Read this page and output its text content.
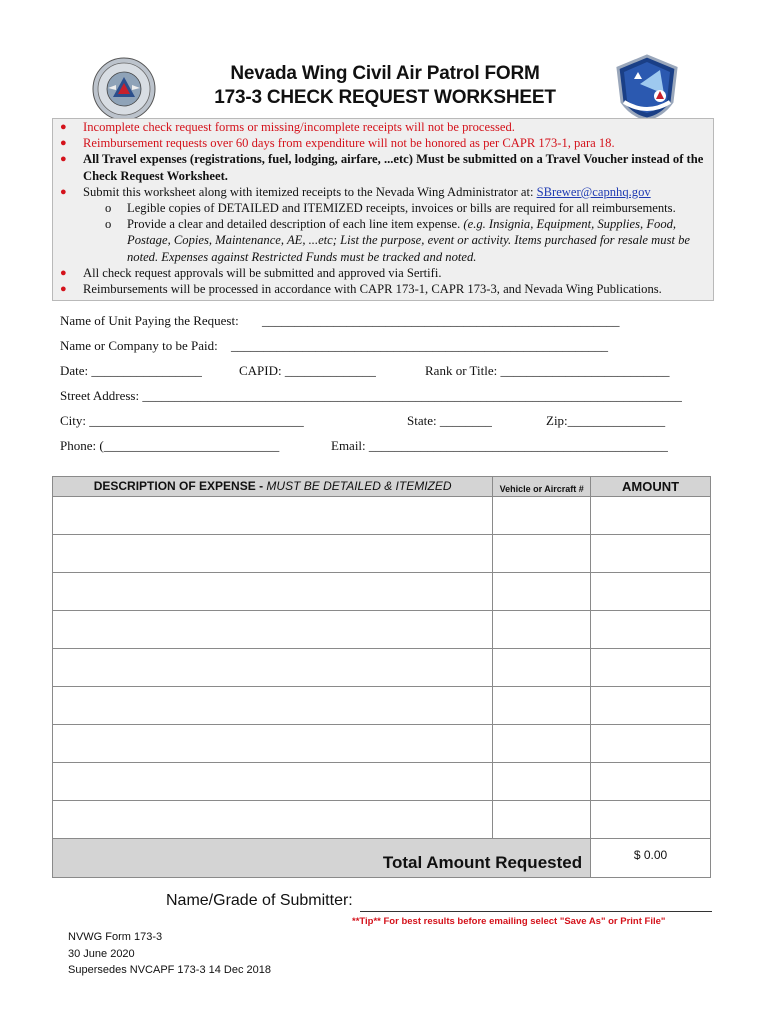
Nevada Wing Civil Air Patrol FORM
173-3 CHECK REQUEST WORKSHEET
● Incomplete check request forms or missing/incomplete receipts will not be processed.
● Reimbursement requests over 60 days from expenditure will not be honored as per CAPR 173-1, para 18.
● All Travel expenses (registrations, fuel, lodging, airfare, ...etc) Must be submitted on a Travel Voucher instead of the Check Request Worksheet.
● Submit this worksheet along with itemized receipts to the Nevada Wing Administrator at: SBrewer@capnhq.gov
o Legible copies of DETAILED and ITEMIZED receipts, invoices or bills are required for all reimbursements.
o Provide a clear and detailed description of each line item expense. (e.g. Insignia, Equipment, Supplies, Food, Postage, Copies, Maintenance, AE, ...etc; List the purpose, event or activity. Items purchased for resale must be noted. Expenses against Restricted Funds must be tracked and noted.
● All check request approvals will be submitted and approved via Sertifi.
● Reimbursements will be processed in accordance with CAPR 173-1, CAPR 173-3, and Nevada Wing Publications.
Name of Unit Paying the Request: _______________________________________________________
Name or Company to be Paid: __________________________________________________________
Date: _________________	CAPID: ______________	Rank or Title: __________________________
Street Address: ___________________________________________________________________________________
City: _________________________________	State: ________	Zip:_______________
Phone: (___________________________	Email: ______________________________________________
DESCRIPTION OF EXPENSE - MUST BE DETAILED & ITEMIZED	Vehicle or Aircraft #	AMOUNT

Total Amount Requested		$ 0.00
Name/Grade of Submitter:
**Tip** For best results before emailing select "Save As" or Print File"
NVWG Form 173-3
30 June 2020
Supersedes NVCAPF 173-3 14 Dec 2018
